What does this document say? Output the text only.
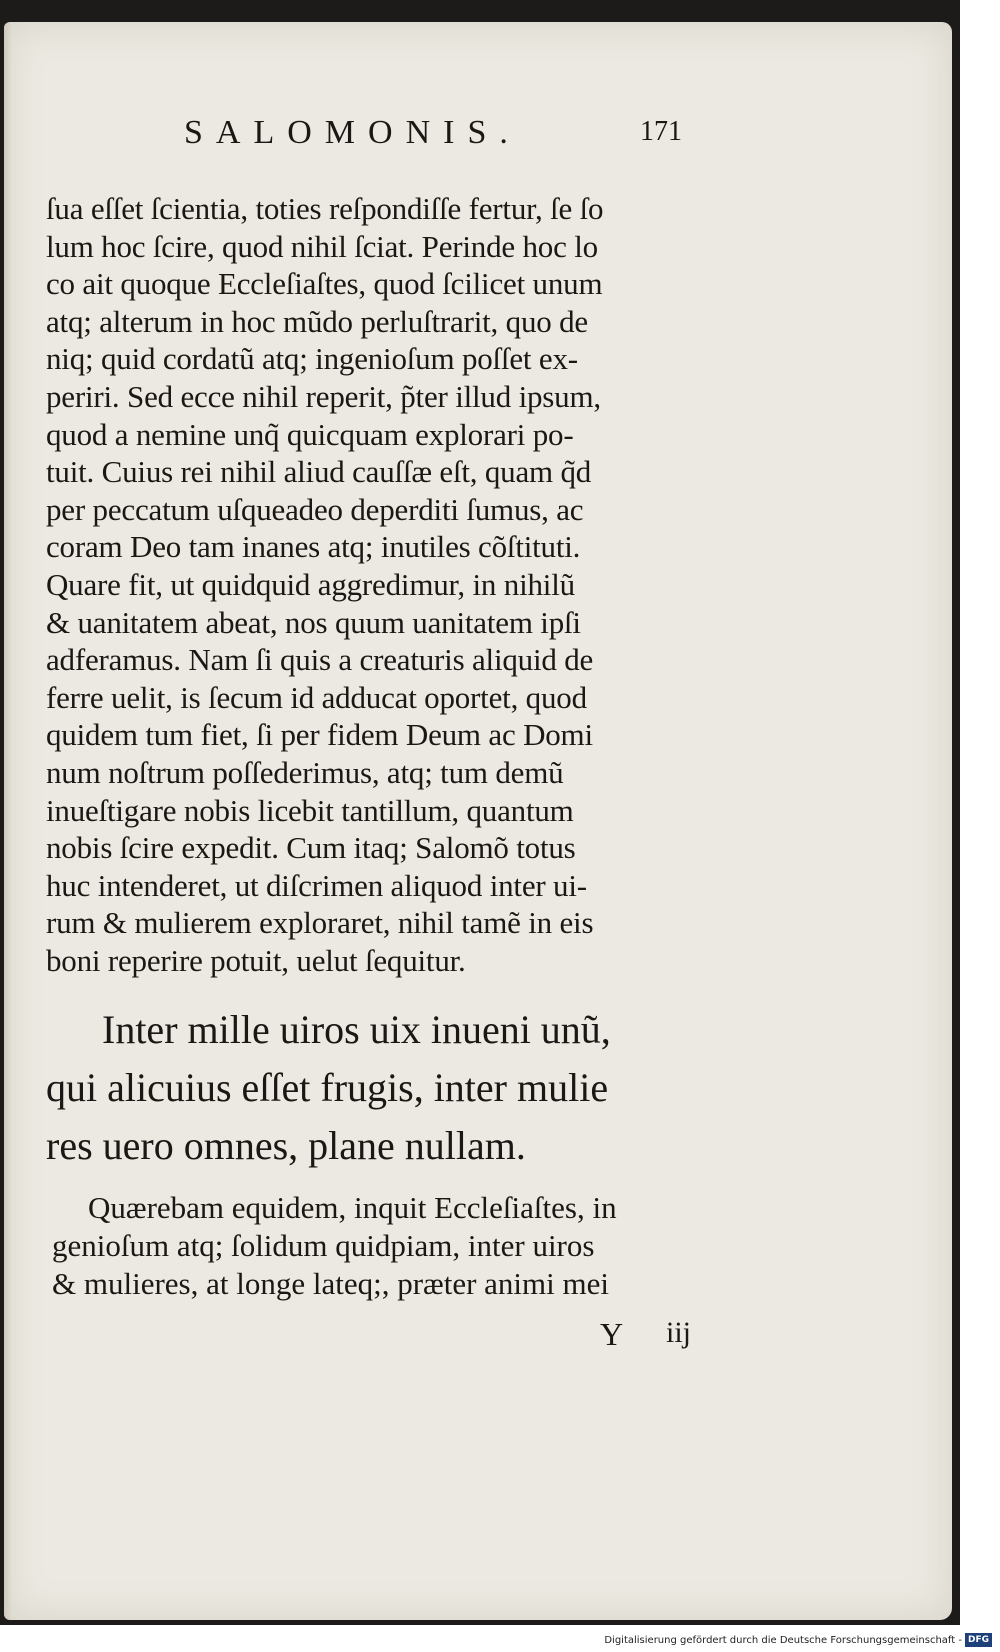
SALOMONIS.	171
ſua eſſet ſcientia, toties reſpondiſſe fertur, ſe ſo
lum hoc ſcire, quod nihil ſciat. Perinde hoc lo
co ait quoque Eccleſiaſtes, quod ſcilicet unum
atq; alterum in hoc mũdo perluſtrarit, quo de
niq; quid cordatũ atq; ingenioſum poſſet ex-
periri. Sed ecce nihil reperit, p̃ter illud ipsum,
quod a nemine unq̃ quicquam explorari po-
tuit. Cuius rei nihil aliud cauſſæ eſt, quam q̃d
per peccatum uſqueadeo deperditi ſumus, ac
coram Deo tam inanes atq; inutiles cõſtituti.
Quare fit, ut quidquid aggredimur, in nihilũ
& uanitatem abeat, nos quum uanitatem ipſi
adferamus. Nam ſi quis a creaturis aliquid de
ferre uelit, is ſecum id adducat oportet, quod
quidem tum fiet, ſi per fidem Deum ac Domi
num noſtrum poſſederimus, atq; tum demũ
inueſtigare nobis licebit tantillum, quantum
nobis ſcire expedit. Cum itaq; Salomõ totus
huc intenderet, ut diſcrimen aliquod inter ui-
rum & mulierem exploraret, nihil tamẽ in eis
boni reperire potuit, uelut ſequitur.
Inter mille uiros uix inueni unũ,
qui alicuius eſſet frugis, inter mulie
res uero omnes, plane nullam.
Quærebam equidem, inquit Eccleſiaſtes, in
genioſum atq; ſolidum quidpiam, inter uiros
& mulieres, at longe lateq;, præter animi mei
Y iij
Digitalisierung gefördert durch die Deutsche Forschungsgemeinschaft - DFG
